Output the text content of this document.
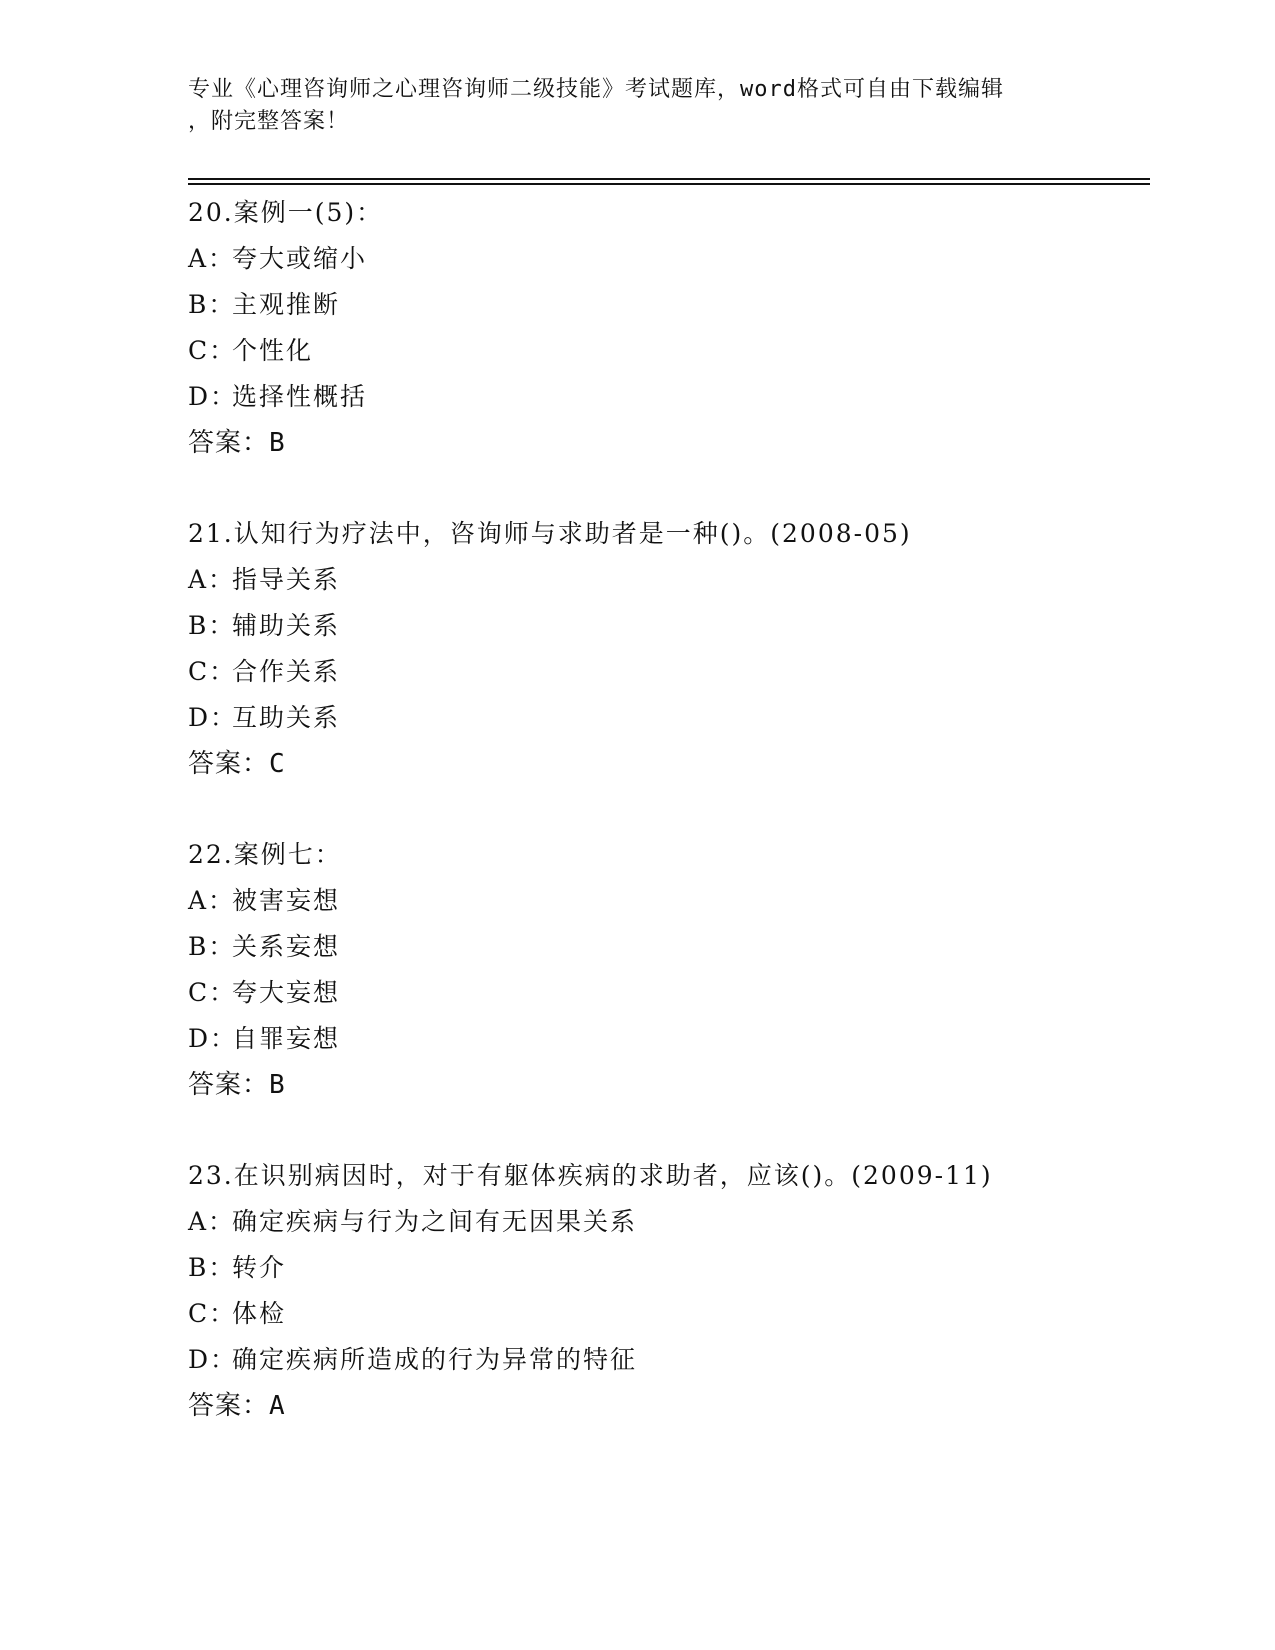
专业《心理咨询师之心理咨询师二级技能》考试题库，word格式可自由下载编辑
，附完整答案！
20.案例一(5)：
A：夸大或缩小
B：主观推断
C：个性化
D：选择性概括
答案：B
21.认知行为疗法中，咨询师与求助者是一种()。(2008-05)
A：指导关系
B：辅助关系
C：合作关系
D：互助关系
答案：C
22.案例七：
A：被害妄想
B：关系妄想
C：夸大妄想
D：自罪妄想
答案：B
23.在识别病因时，对于有躯体疾病的求助者，应该()。(2009-11)
A：确定疾病与行为之间有无因果关系
B：转介
C：体检
D：确定疾病所造成的行为异常的特征
答案：A
